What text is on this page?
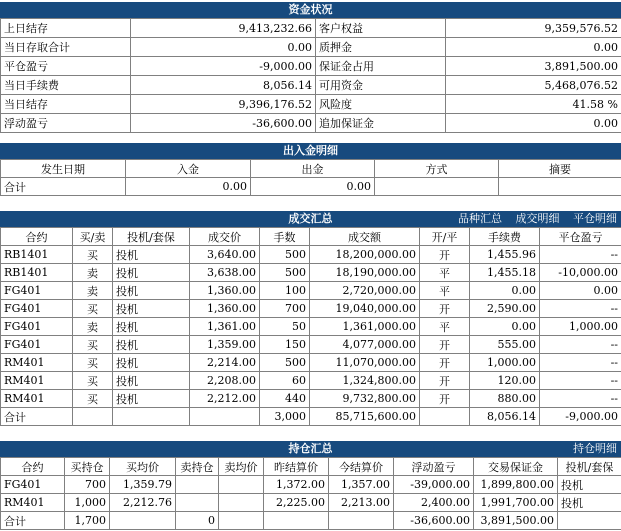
资金状况
上日结存	9,413,232.66	客户权益	9,359,576.52
当日存取合计	0.00	质押金	0.00
平仓盈亏	-9,000.00	保证金占用	3,891,500.00
当日手续费	8,056.14	可用资金	5,468,076.52
当日结存	9,396,176.52	风险度	41.58 %
浮动盈亏	-36,600.00	追加保证金	0.00
出入金明细
发生日期	入金	出金	方式	摘要
合计	0.00	0.00		
成交汇总	品种汇总 成交明细 平仓明细
合约	买/卖	投机/套保	成交价	手数	成交额	开/平	手续费	平仓盈亏
RB1401	买	投机	3,640.00	500	18,200,000.00	开	1,455.96	--
RB1401	卖	投机	3,638.00	500	18,190,000.00	平	1,455.18	-10,000.00
FG401	卖	投机	1,360.00	100	2,720,000.00	平	0.00	0.00
FG401	买	投机	1,360.00	700	19,040,000.00	开	2,590.00	--
FG401	卖	投机	1,361.00	50	1,361,000.00	平	0.00	1,000.00
FG401	买	投机	1,359.00	150	4,077,000.00	开	555.00	--
RM401	买	投机	2,214.00	500	11,070,000.00	开	1,000.00	--
RM401	买	投机	2,208.00	60	1,324,800.00	开	120.00	--
RM401	买	投机	2,212.00	440	9,732,800.00	开	880.00	--
合计				3,000	85,715,600.00		8,056.14	-9,000.00
持仓汇总	持仓明细
合约	买持仓	买均价	卖持仓	卖均价	昨结算价	今结算价	浮动盈亏	交易保证金	投机/套保
FG401	700	1,359.79			1,372.00	1,357.00	-39,000.00	1,899,800.00	投机
RM401	1,000	2,212.76			2,225.00	2,213.00	2,400.00	1,991,700.00	投机
合计	1,700		0				-36,600.00	3,891,500.00	
